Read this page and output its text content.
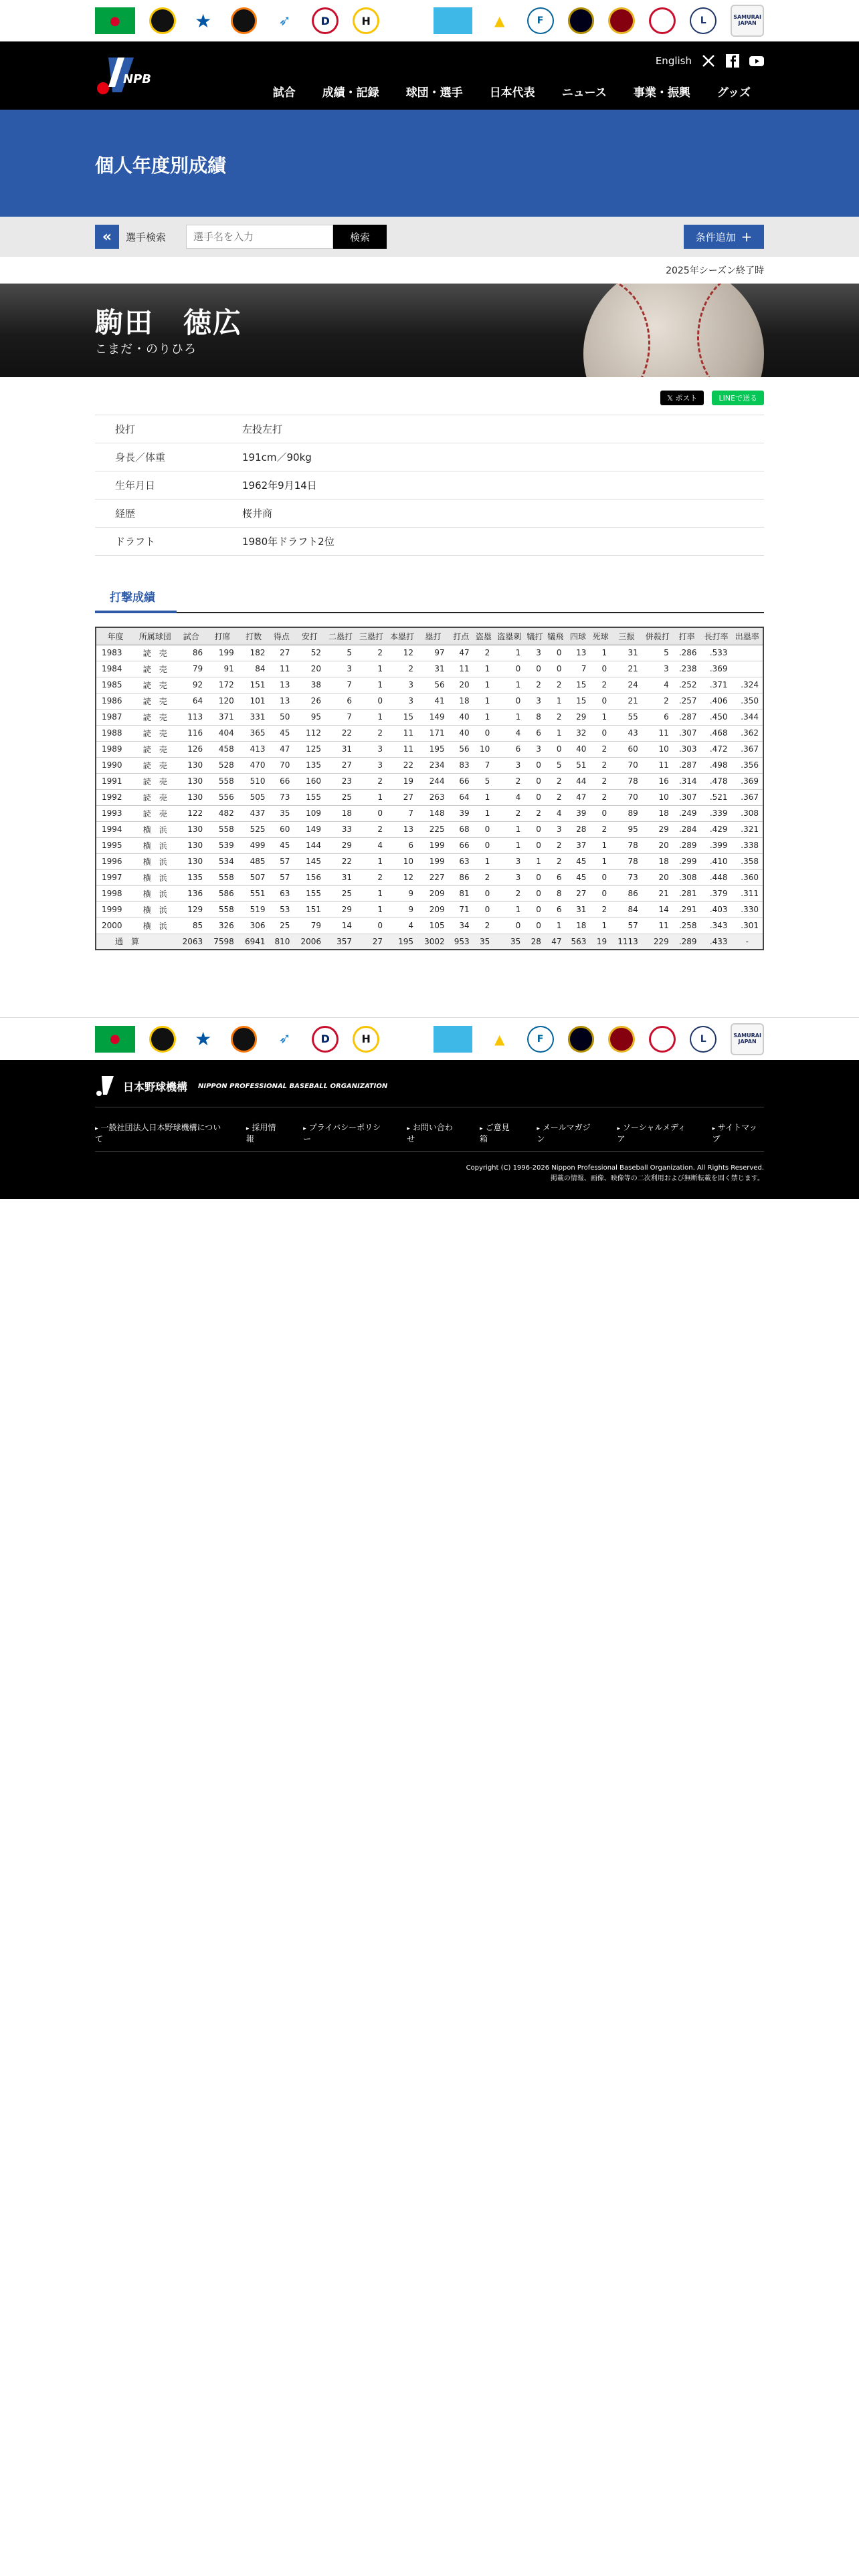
●	★	➶	D	H	▲	F	L	SAMURAI JAPAN
NPB
English
試合	成績・記録	球団・選手	日本代表	ニュース	事業・振興	グッズ
個人年度別成績
«	選手検索
選手名を入力	検索	条件追加 +
2025年シーズン終了時
駒田　徳広
こまだ・のりひろ
𝕏 ポスト	LINEで送る
投打	左投左打
身長／体重	191cm／90kg
生年月日	1962年9月14日
経歴	桜井商
ドラフト	1980年ドラフト2位
打撃成績
年度	所属球団	試合	打席	打数	得点	安打	二塁打	三塁打	本塁打	塁打	打点	盗塁	盗塁刺	犠打	犠飛	四球	死球	三振	併殺打	打率	長打率	出塁率
1983	読　売	86	199	182	27	52	5	2	12	97	47	2	1	3	0	13	1	31	5	.286	.533	
1984	読　売	79	91	84	11	20	3	1	2	31	11	1	0	0	0	7	0	21	3	.238	.369	
1985	読　売	92	172	151	13	38	7	1	3	56	20	1	1	2	2	15	2	24	4	.252	.371	.324
1986	読　売	64	120	101	13	26	6	0	3	41	18	1	0	3	1	15	0	21	2	.257	.406	.350
1987	読　売	113	371	331	50	95	7	1	15	149	40	1	1	8	2	29	1	55	6	.287	.450	.344
1988	読　売	116	404	365	45	112	22	2	11	171	40	0	4	6	1	32	0	43	11	.307	.468	.362
1989	読　売	126	458	413	47	125	31	3	11	195	56	10	6	3	0	40	2	60	10	.303	.472	.367
1990	読　売	130	528	470	70	135	27	3	22	234	83	7	3	0	5	51	2	70	11	.287	.498	.356
1991	読　売	130	558	510	66	160	23	2	19	244	66	5	2	0	2	44	2	78	16	.314	.478	.369
1992	読　売	130	556	505	73	155	25	1	27	263	64	1	4	0	2	47	2	70	10	.307	.521	.367
1993	読　売	122	482	437	35	109	18	0	7	148	39	1	2	2	4	39	0	89	18	.249	.339	.308
1994	横　浜	130	558	525	60	149	33	2	13	225	68	0	1	0	3	28	2	95	29	.284	.429	.321
1995	横　浜	130	539	499	45	144	29	4	6	199	66	0	1	0	2	37	1	78	20	.289	.399	.338
1996	横　浜	130	534	485	57	145	22	1	10	199	63	1	3	1	2	45	1	78	18	.299	.410	.358
1997	横　浜	135	558	507	57	156	31	2	12	227	86	2	3	0	6	45	0	73	20	.308	.448	.360
1998	横　浜	136	586	551	63	155	25	1	9	209	81	0	2	0	8	27	0	86	21	.281	.379	.311
1999	横　浜	129	558	519	53	151	29	1	9	209	71	0	1	0	6	31	2	84	14	.291	.403	.330
2000	横　浜	85	326	306	25	79	14	0	4	105	34	2	0	0	1	18	1	57	11	.258	.343	.301
通　算		2063	7598	6941	810	2006	357	27	195	3002	953	35	35	28	47	563	19	1113	229	.289	.433	-
●	★	➶	D	H	▲	F	L	SAMURAI JAPAN
日本野球機構 NIPPON PROFESSIONAL BASEBALL ORGANIZATION
▸ 一般社団法人日本野球機構について
▸ 採用情報
▸ プライバシーポリシー
▸ お問い合わせ
▸ ご意見箱
▸ メールマガジン
▸ ソーシャルメディア
▸ サイトマップ
Copyright (C) 1996-2026 Nippon Professional Baseball Organization. All Rights Reserved.
掲載の情報、画像、映像等の二次利用および無断転載を固く禁じます。
